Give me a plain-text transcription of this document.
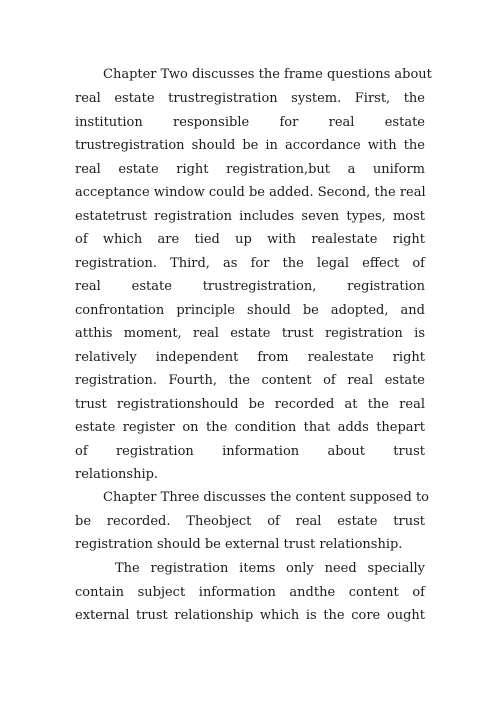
Chapter Two discusses the frame questions about
real estate trustregistration system. First, the
institution responsible for real estate
trustregistration should be in accordance with the
real estate right registration,but a uniform
acceptance window could be added. Second, the real
estatetrust registration includes seven types, most
of which are tied up with realestate right
registration. Third, as for the legal effect of
real estate trustregistration, registration
confrontation principle should be adopted, and
atthis moment, real estate trust registration is
relatively independent from realestate right
registration. Fourth, the content of real estate
trust registrationshould be recorded at the real
estate register on the condition that adds thepart
of registration information about trust
relationship.
Chapter Three discusses the content supposed to
be recorded. Theobject of real estate trust
registration should be external trust relationship.
The registration items only need specially
contain subject information andthe content of
external trust relationship which is the core ought
